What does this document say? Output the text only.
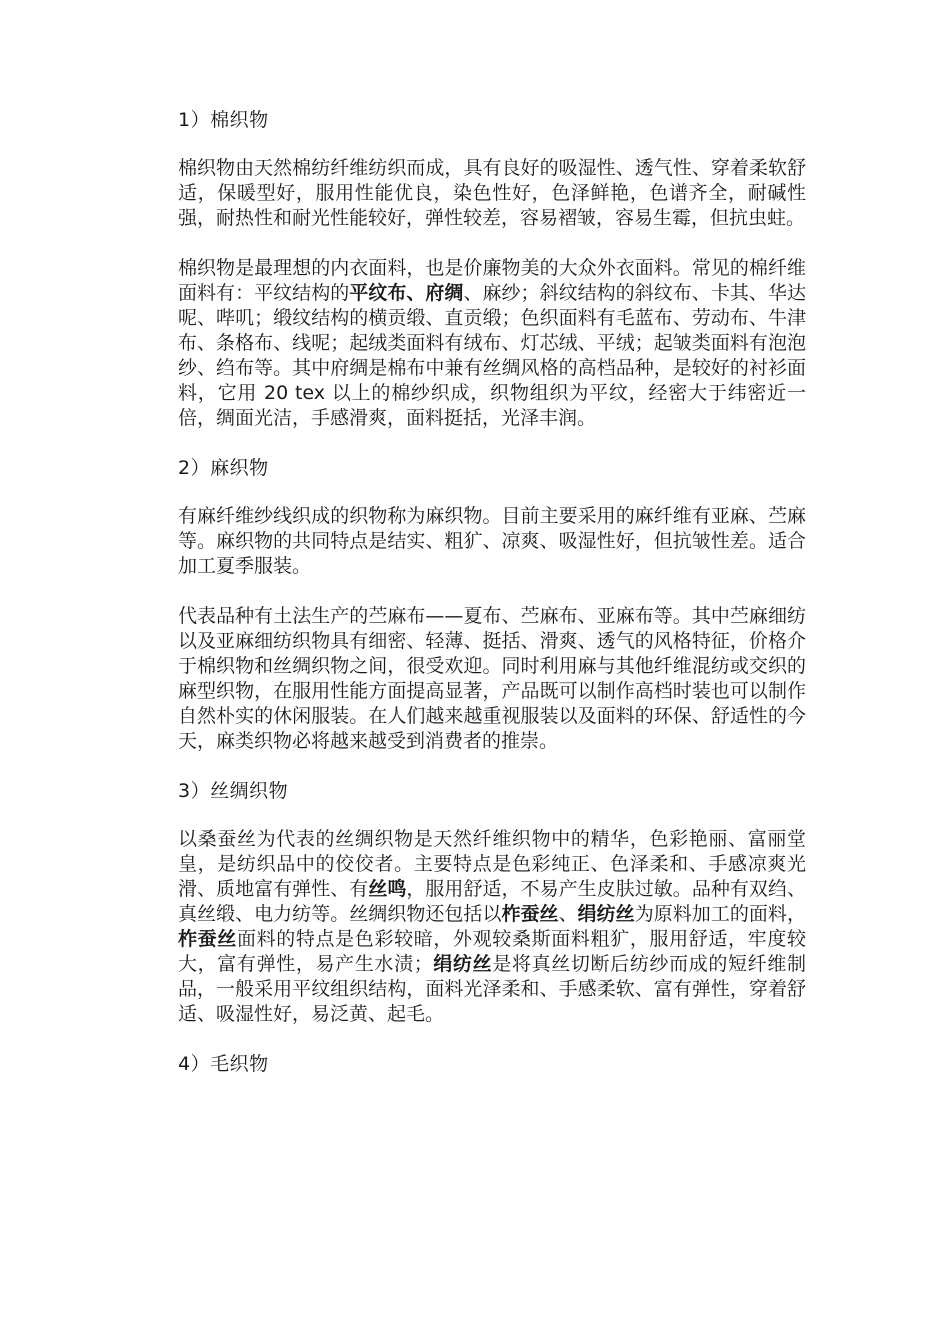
1）棉织物

棉织物由天然棉纺纤维纺织而成，具有良好的吸湿性、透气性、穿着柔软舒适，保暖型好，服用性能优良，染色性好，色泽鲜艳，色谱齐全，耐碱性强，耐热性和耐光性能较好，弹性较差，容易褶皱，容易生霉，但抗虫蛀。

棉织物是最理想的内衣面料，也是价廉物美的大众外衣面料。常见的棉纤维面料有：平纹结构的平纹布、府绸、麻纱；斜纹结构的斜纹布、卡其、华达呢、哔叽；缎纹结构的横贡缎、直贡缎；色织面料有毛蓝布、劳动布、牛津布、条格布、线呢；起绒类面料有绒布、灯芯绒、平绒；起皱类面料有泡泡纱、绉布等。其中府绸是棉布中兼有丝绸风格的高档品种，是较好的衬衫面料，它用 20 tex 以上的棉纱织成，织物组织为平纹，经密大于纬密近一倍，绸面光洁，手感滑爽，面料挺括，光泽丰润。

2）麻织物

有麻纤维纱线织成的织物称为麻织物。目前主要采用的麻纤维有亚麻、苎麻等。麻织物的共同特点是结实、粗犷、凉爽、吸湿性好，但抗皱性差。适合加工夏季服装。

代表品种有土法生产的苎麻布——夏布、苎麻布、亚麻布等。其中苎麻细纺以及亚麻细纺织物具有细密、轻薄、挺括、滑爽、透气的风格特征，价格介于棉织物和丝绸织物之间，很受欢迎。同时利用麻与其他纤维混纺或交织的麻型织物，在服用性能方面提高显著，产品既可以制作高档时装也可以制作自然朴实的休闲服装。在人们越来越重视服装以及面料的环保、舒适性的今天，麻类织物必将越来越受到消费者的推崇。

3）丝绸织物

以桑蚕丝为代表的丝绸织物是天然纤维织物中的精华，色彩艳丽、富丽堂皇，是纺织品中的佼佼者。主要特点是色彩纯正、色泽柔和、手感凉爽光滑、质地富有弹性、有丝鸣，服用舒适，不易产生皮肤过敏。品种有双绉、真丝缎、电力纺等。丝绸织物还包括以柞蚕丝、绢纺丝为原料加工的面料，柞蚕丝面料的特点是色彩较暗，外观较桑斯面料粗犷，服用舒适，牢度较大，富有弹性，易产生水渍；绢纺丝是将真丝切断后纺纱而成的短纤维制品，一般采用平纹组织结构，面料光泽柔和、手感柔软、富有弹性，穿着舒适、吸湿性好，易泛黄、起毛。

4）毛织物
